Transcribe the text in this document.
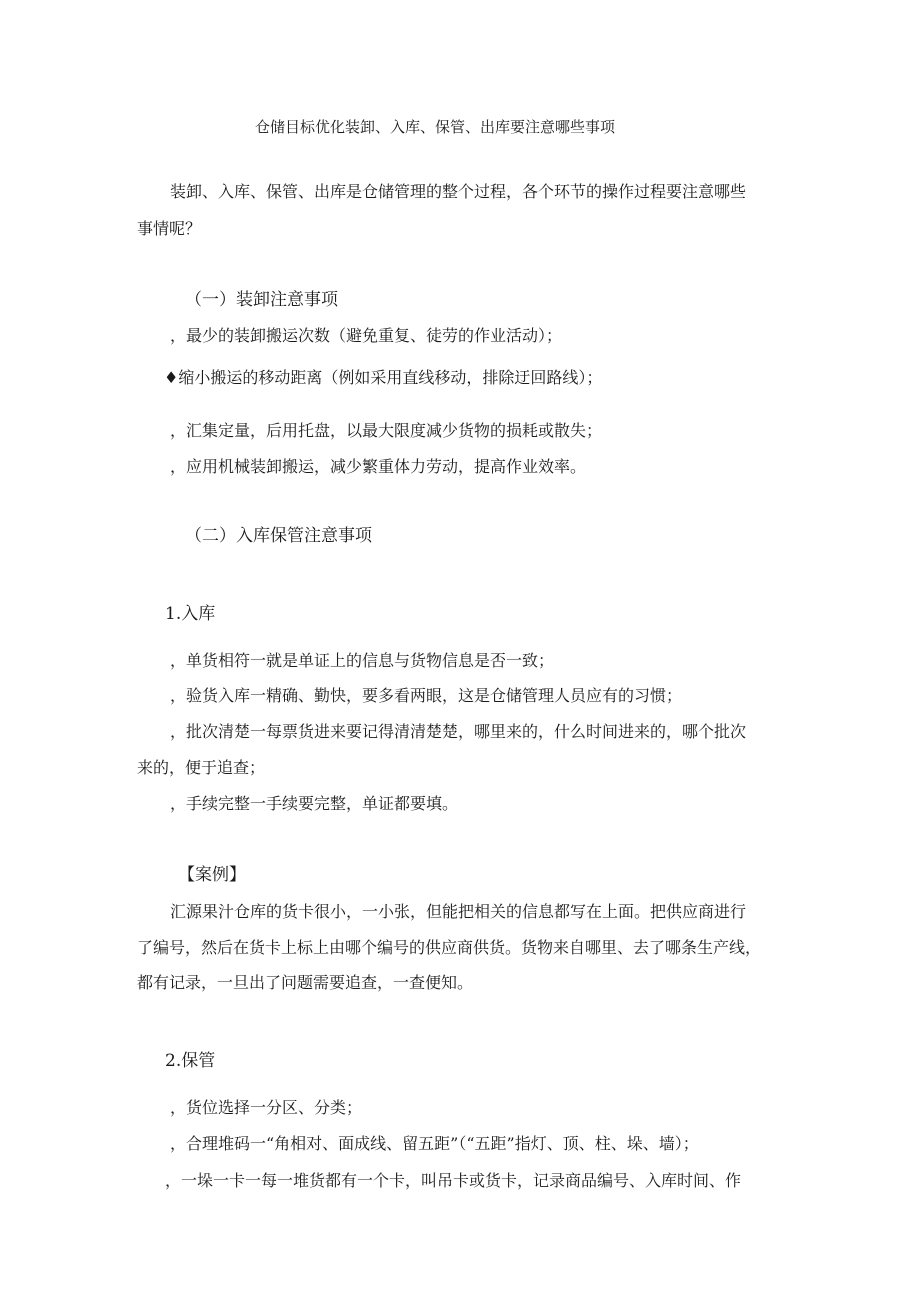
仓储目标优化装卸、入库、保管、出库要注意哪些事项
装卸、入库、保管、出库是仓储管理的整个过程，各个环节的操作过程要注意哪些
事情呢？
（一）装卸注意事项
，最少的装卸搬运次数（避免重复、徒劳的作业活动）；
♦缩小搬运的移动距离（例如采用直线移动，排除迂回路线）；
，汇集定量，后用托盘，以最大限度减少货物的损耗或散失；
，应用机械装卸搬运，减少繁重体力劳动，提高作业效率。
（二）入库保管注意事项
1.入库
，单货相符一就是单证上的信息与货物信息是否一致；
，验货入库一精确、勤快，要多看两眼，这是仓储管理人员应有的习惯；
，批次清楚一每票货进来要记得清清楚楚，哪里来的，什么时间进来的，哪个批次
来的，便于追查；
，手续完整一手续要完整，单证都要填。
【案例】
汇源果汁仓库的货卡很小，一小张，但能把相关的信息都写在上面。把供应商进行
了编号，然后在货卡上标上由哪个编号的供应商供货。货物来自哪里、去了哪条生产线，
都有记录，一旦出了问题需要追查，一查便知。
2.保管
，货位选择一分区、分类；
，合理堆码一“角相对、面成线、留五距”（“五距”指灯、顶、柱、垛、墙）；
，一垛一卡一每一堆货都有一个卡，叫吊卡或货卡，记录商品编号、入库时间、作
